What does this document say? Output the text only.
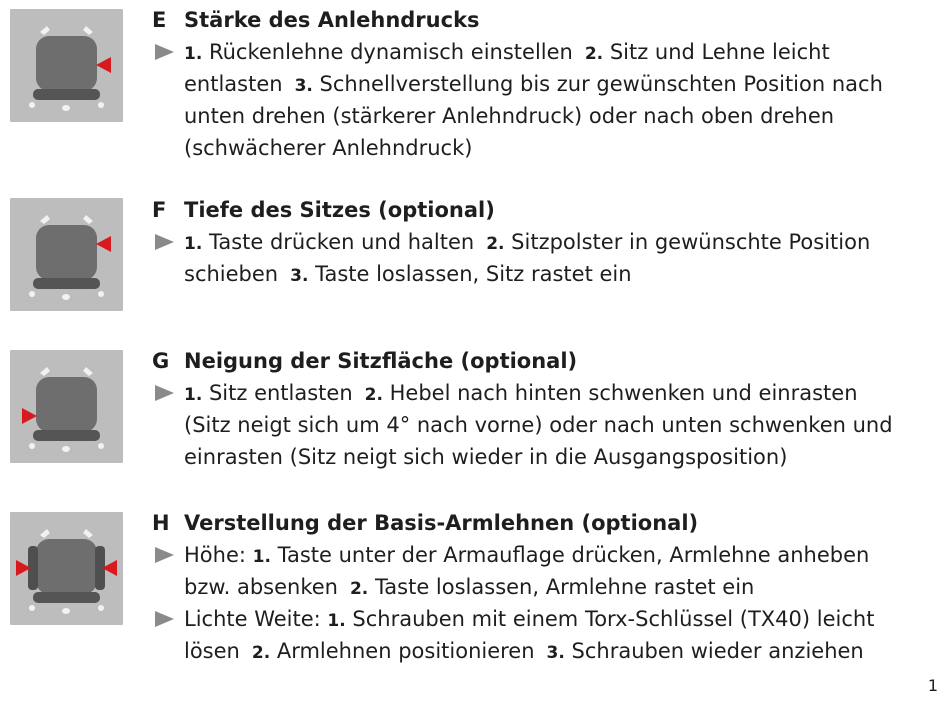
E Stärke des Anlehndrucks
1. Rückenlehne dynamisch einstellen 2. Sitz und Lehne leicht
entlasten 3. Schnellverstellung bis zur gewünschten Position nach
unten drehen (stärkerer Anlehndruck) oder nach oben drehen
(schwächerer Anlehndruck)
F Tiefe des Sitzes (optional)
1. Taste drücken und halten 2. Sitzpolster in gewünschte Position
schieben 3. Taste loslassen, Sitz rastet ein
G Neigung der Sitzfläche (optional)
1. Sitz entlasten 2. Hebel nach hinten schwenken und einrasten
(Sitz neigt sich um 4° nach vorne) oder nach unten schwenken und
einrasten (Sitz neigt sich wieder in die Ausgangsposition)
H Verstellung der Basis-Armlehnen (optional)
Höhe: 1. Taste unter der Armauflage drücken, Armlehne anheben
bzw. absenken 2. Taste loslassen, Armlehne rastet ein
Lichte Weite: 1. Schrauben mit einem Torx-Schlüssel (TX40) leicht
lösen 2. Armlehnen positionieren 3. Schrauben wieder anziehen
1
